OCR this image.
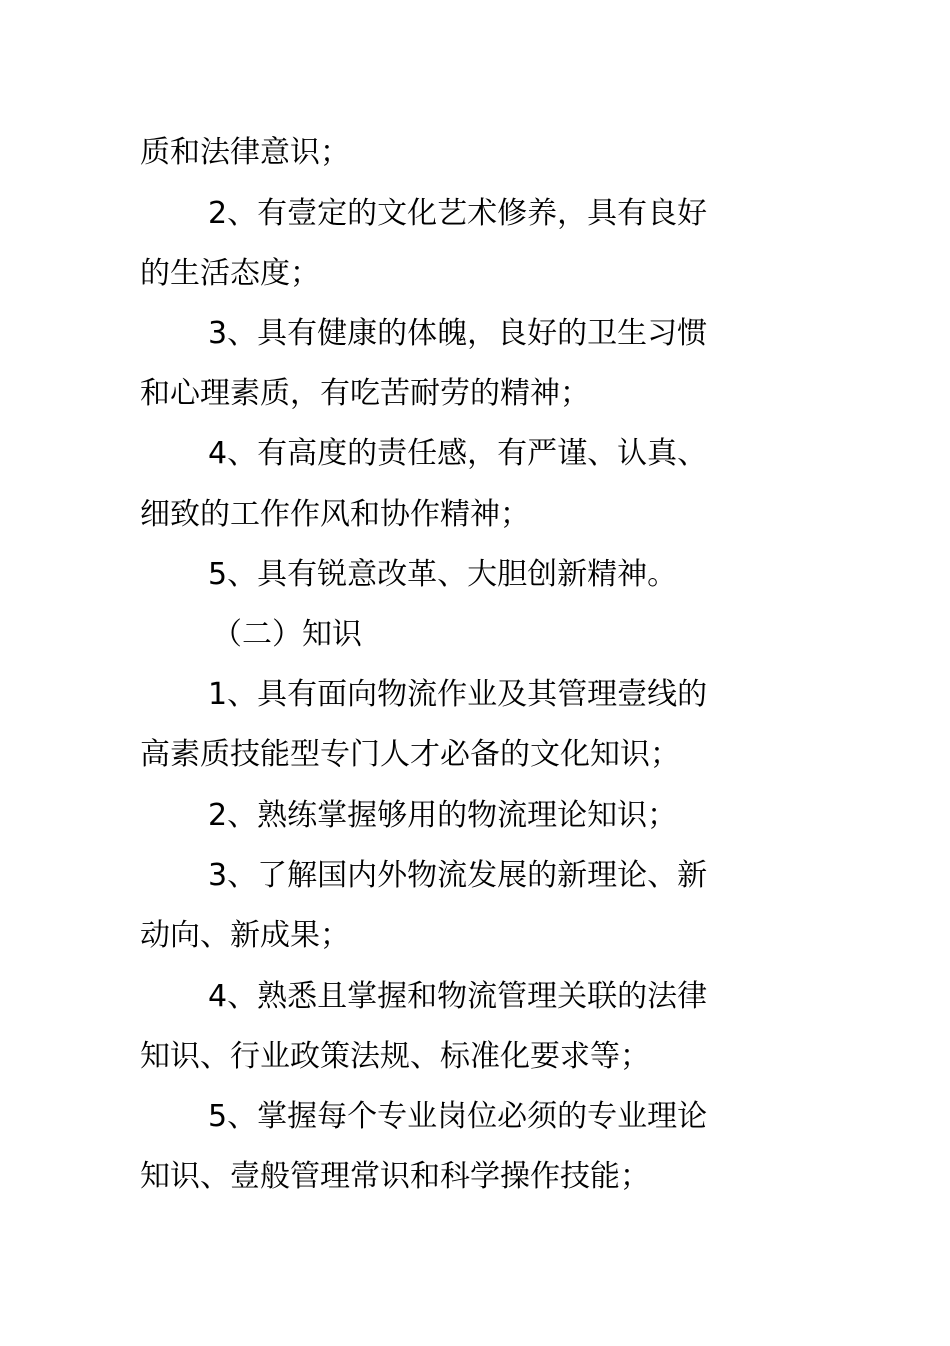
质和法律意识；
2、有壹定的文化艺术修养，具有良好
的生活态度；
3、具有健康的体魄，良好的卫生习惯
和心理素质，有吃苦耐劳的精神；
4、有高度的责任感，有严谨、认真、
细致的工作作风和协作精神；
5、具有锐意改革、大胆创新精神。
（二）知识
1、具有面向物流作业及其管理壹线的
高素质技能型专门人才必备的文化知识；
2、熟练掌握够用的物流理论知识；
3、了解国内外物流发展的新理论、新
动向、新成果；
4、熟悉且掌握和物流管理关联的法律
知识、行业政策法规、标准化要求等；
5、掌握每个专业岗位必须的专业理论
知识、壹般管理常识和科学操作技能；
